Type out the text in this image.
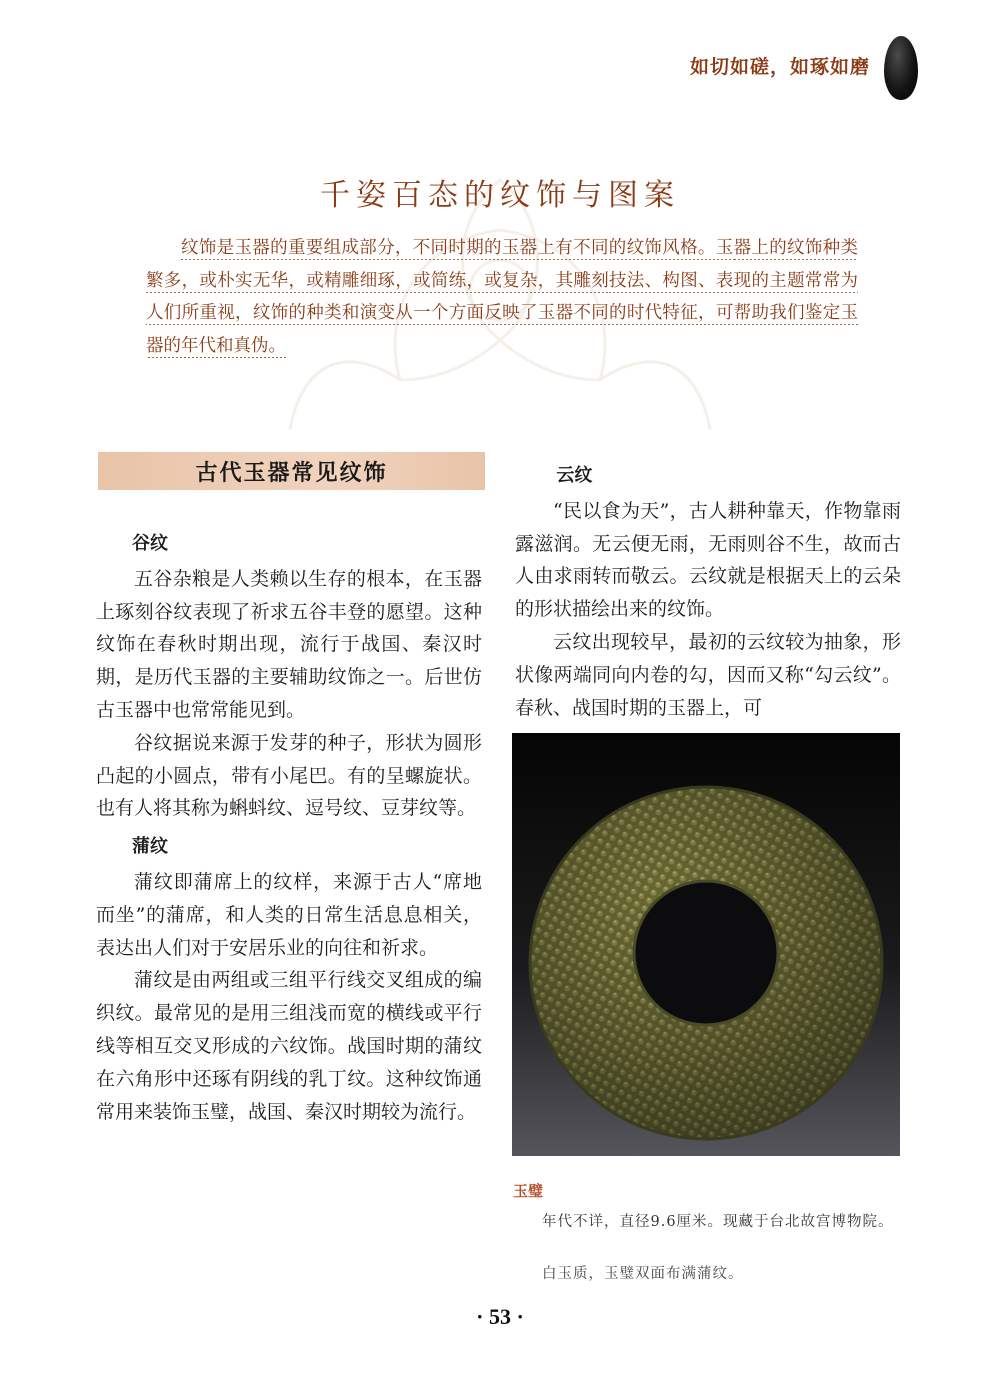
如切如磋，如琢如磨
千姿百态的纹饰与图案
纹饰是玉器的重要组成部分，不同时期的玉器上有不同的纹饰风格。玉器上的纹饰种类繁多，或朴实无华，或精雕细琢，或简练，或复杂，其雕刻技法、构图、表现的主题常常为人们所重视，纹饰的种类和演变从一个方面反映了玉器不同的时代特征，可帮助我们鉴定玉器的年代和真伪。
古代玉器常见纹饰
谷纹

五谷杂粮是人类赖以生存的根本，在玉器上琢刻谷纹表现了祈求五谷丰登的愿望。这种纹饰在春秋时期出现，流行于战国、秦汉时期，是历代玉器的主要辅助纹饰之一。后世仿古玉器中也常常能见到。

谷纹据说来源于发芽的种子，形状为圆形凸起的小圆点，带有小尾巴。有的呈螺旋状。也有人将其称为蝌蚪纹、逗号纹、豆芽纹等。

蒲纹

蒲纹即蒲席上的纹样，来源于古人“席地而坐”的蒲席，和人类的日常生活息息相关，表达出人们对于安居乐业的向往和祈求。

蒲纹是由两组或三组平行线交叉组成的编织纹。最常见的是用三组浅而宽的横线或平行线等相互交叉形成的六纹饰。战国时期的蒲纹在六角形中还琢有阴线的乳丁纹。这种纹饰通常用来装饰玉璧，战国、秦汉时期较为流行。

云纹

“民以食为天”，古人耕种靠天，作物靠雨露滋润。无云便无雨，无雨则谷不生，故而古人由求雨转而敬云。云纹就是根据天上的云朵的形状描绘出来的纹饰。

云纹出现较早，最初的云纹较为抽象，形状像两端同向内卷的勾，因而又称“勾云纹”。春秋、战国时期的玉器上，可

玉璧
年代不详，直径9.6厘米。现藏于台北故宫博物院。
白玉质，玉璧双面布满蒲纹。
· 53 ·
